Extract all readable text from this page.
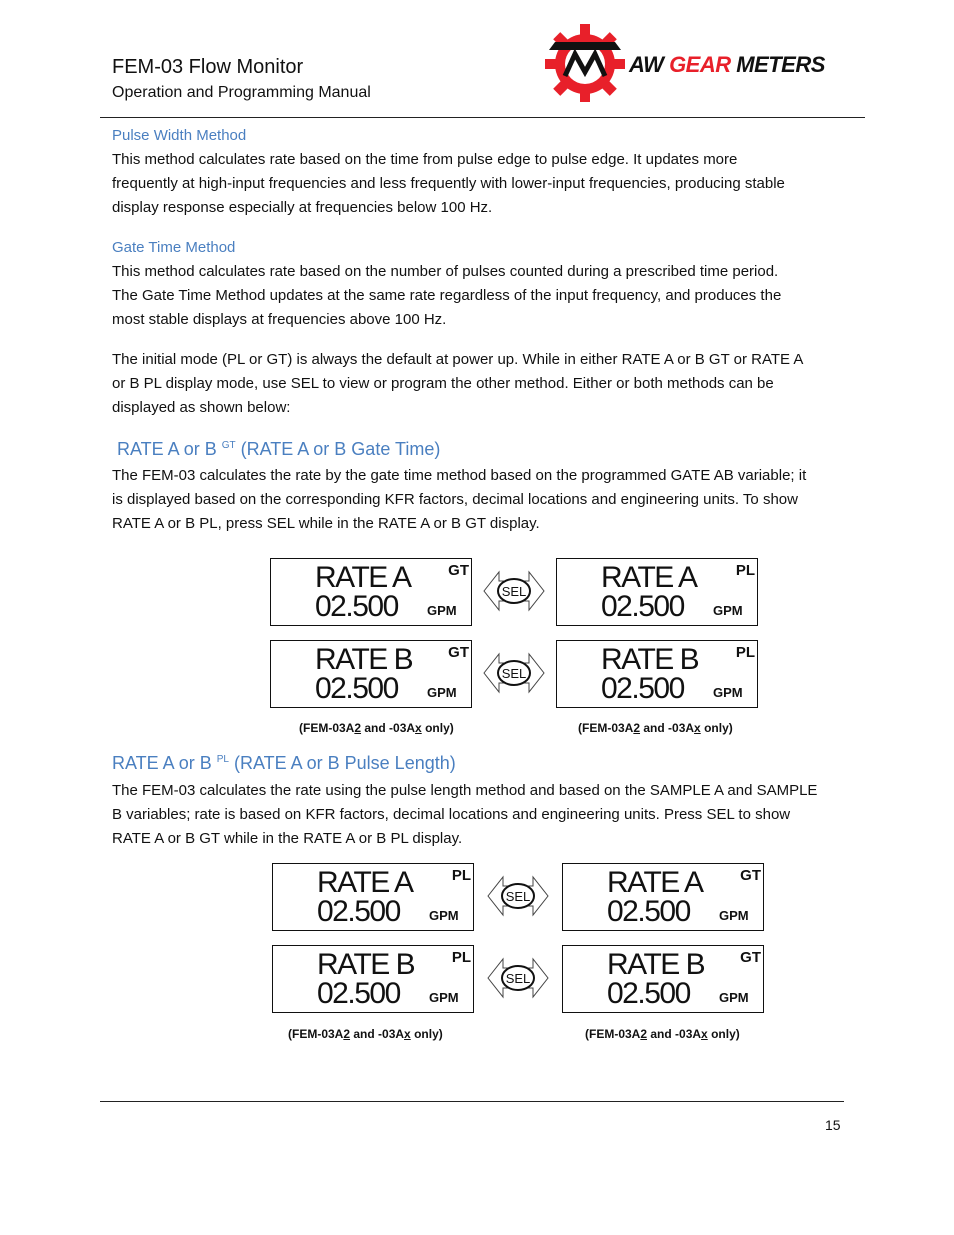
FEM-03 Flow Monitor
Operation and Programming Manual
AW GEAR METERS
Pulse Width Method
This method calculates rate based on the time from pulse edge to pulse edge. It updates more
frequently at high-input frequencies and less frequently with lower-input frequencies, producing stable
display response especially at frequencies below 100 Hz.
Gate Time Method
This method calculates rate based on the number of pulses counted during a prescribed time period.
The Gate Time Method updates at the same rate regardless of the input frequency, and produces the
most stable displays at frequencies above 100 Hz.
The initial mode (PL or GT) is always the default at power up. While in either RATE A or B GT or RATE A
or B PL display mode, use SEL to view or program the other method. Either or both methods can be
displayed as shown below:
RATE A or B $^{GT}$ (RATE A or B Gate Time)
The FEM-03 calculates the rate by the gate time method based on the programmed GATE AB variable; it
is displayed based on the corresponding KFR factors, decimal locations and engineering units. To show
RATE A or B PL, press SEL while in the RATE A or B GT display.
RATE A
02.500
GT
GPM
SEL RATE A
02.500
PL
GPM
RATE B
02.500
GT
GPM
SEL RATE B
02.500
PL
GPM
(FEM-03A2 and -03Ax only)	(FEM-03A2 and -03Ax only)
RATE A or B $^{PL}$ (RATE A or B Pulse Length)
The FEM-03 calculates the rate using the pulse length method and based on the SAMPLE A and SAMPLE
B variables; rate is based on KFR factors, decimal locations and engineering units. Press SEL to show
RATE A or B GT while in the RATE A or B PL display.
RATE A
02.500
PL
GPM
SEL	RATE A
02.500
GT
GPM
RATE B
02.500
PL
GPM
SEL	RATE B
02.500
GT
GPM
(FEM-03A2 and -03Ax only)	(FEM-03A2 and -03Ax only)
15
